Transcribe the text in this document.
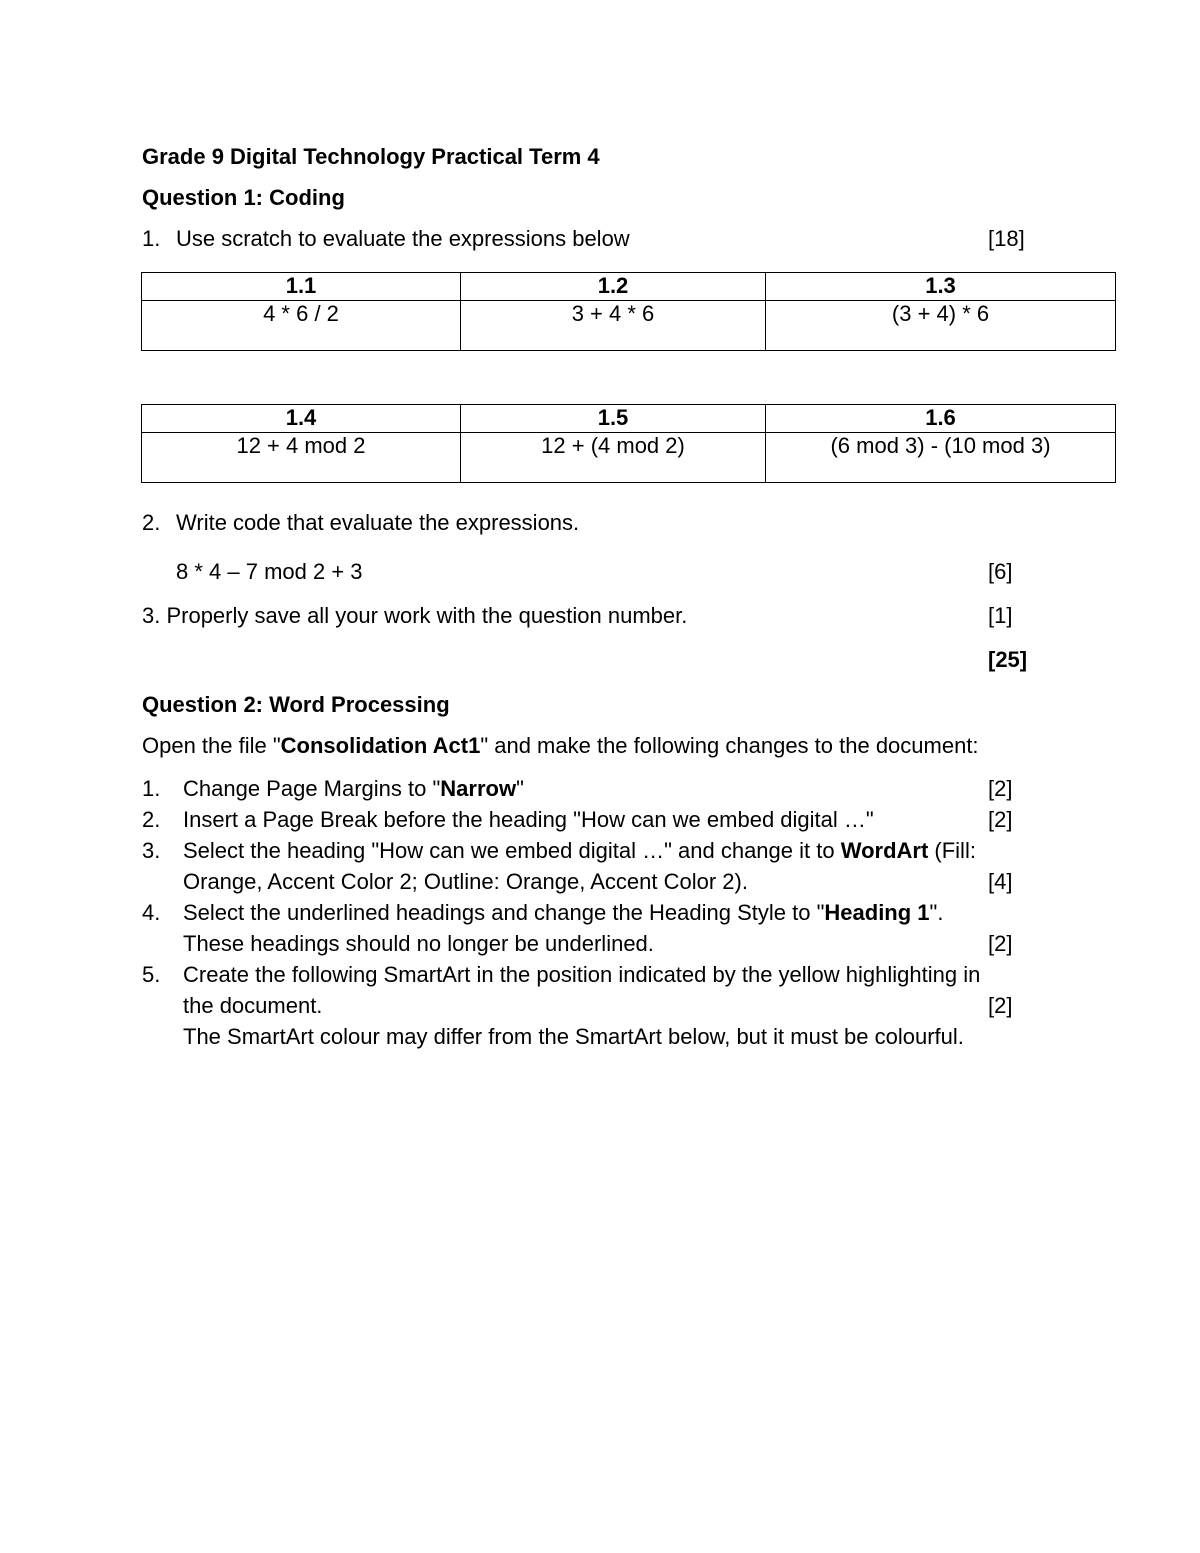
Grade 9 Digital Technology Practical Term 4
Question 1: Coding
1. Use scratch to evaluate the expressions below	[18]
1.1	1.2	1.3
4 * 6 / 2	3 + 4 * 6	(3 + 4) * 6
1.4	1.5	1.6
12 + 4 mod 2	12 + (4 mod 2)	(6 mod 3) - (10 mod 3)
2. Write code that evaluate the expressions.
8 * 4 – 7 mod 2 + 3	[6]
3. Properly save all your work with the question number.	[1]
[25]
Question 2: Word Processing
Open the file "Consolidation Act1" and make the following changes to the document:
1. Change Page Margins to "Narrow"	[2]
2. Insert a Page Break before the heading "How can we embed digital …"	[2]
3. Select the heading "How can we embed digital …" and change it to WordArt (Fill:
Orange, Accent Color 2; Outline: Orange, Accent Color 2).	[4]
4. Select the underlined headings and change the Heading Style to "Heading 1".
These headings should no longer be underlined.	[2]
5. Create the following SmartArt in the position indicated by the yellow highlighting in
the document.	[2]
The SmartArt colour may differ from the SmartArt below, but it must be colourful.
